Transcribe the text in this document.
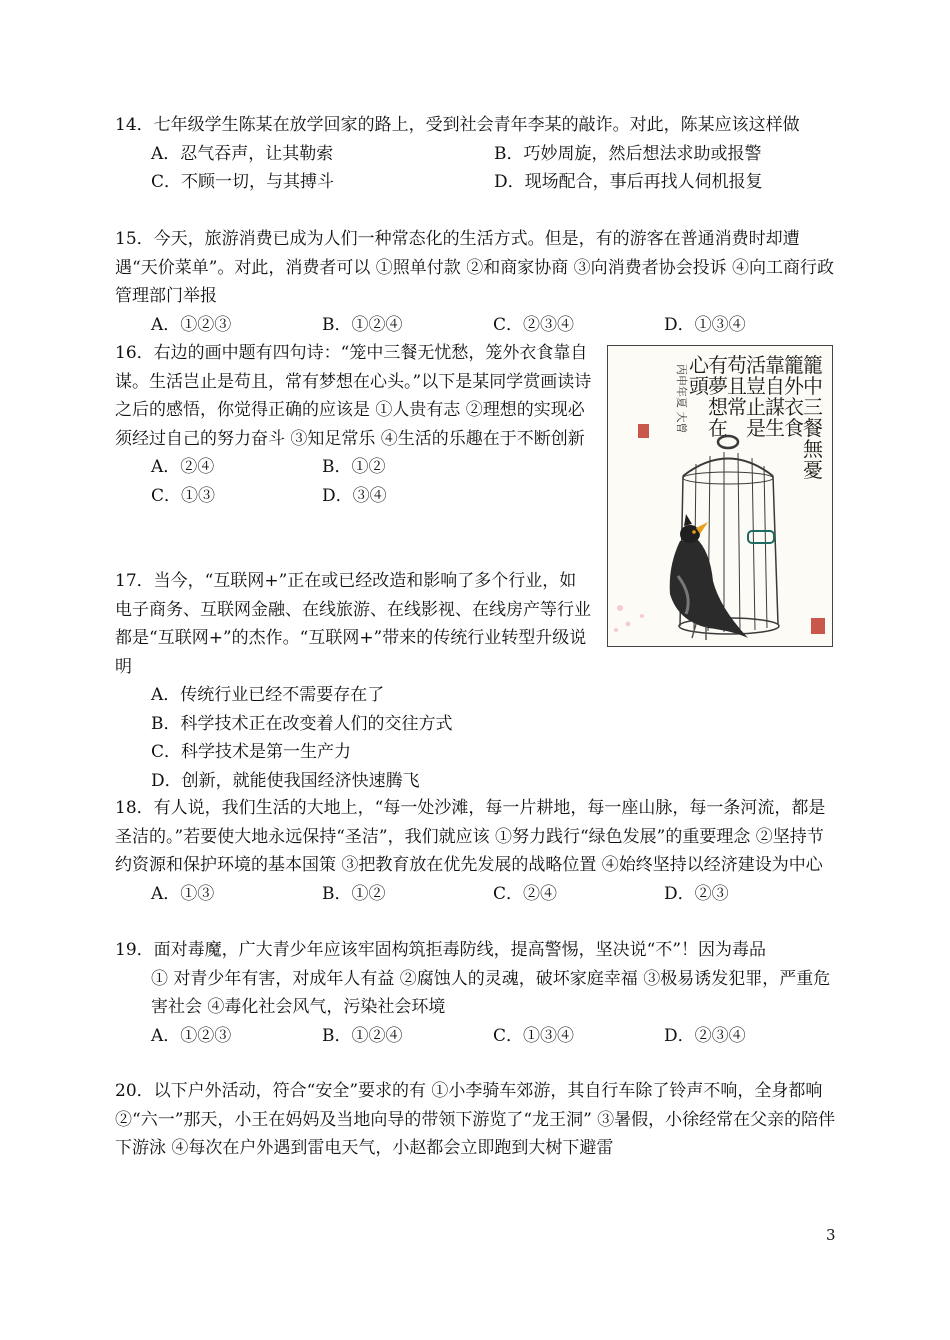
14．七年级学生陈某在放学回家的路上，受到社会青年李某的敲诈。对此，陈某应该这样做

A．忍气吞声，让其勒索	B．巧妙周旋，然后想法求助或报警
C．不顾一切，与其搏斗	D．现场配合，事后再找人伺机报复

15．今天，旅游消费已成为人们一种常态化的生活方式。但是，有的游客在普通消费时却遭遇“天价菜单”。对此，消费者可以 ①照单付款 ②和商家协商 ③向消费者协会投诉 ④向工商行政管理部门举报

A．①②③	B．①②④	C．②③④	D．①③④

16．右边的画中题有四句诗：“笼中三餐无忧愁，笼外衣食靠自谋。生活岂止是苟且，常有梦想在心头。”以下是某同学赏画读诗之后的感悟，你觉得正确的应该是 ①人贵有志 ②理想的实现必须经过自己的努力奋斗 ③知足常乐 ④生活的乐趣在于不断创新

A．②④	B．①②
C．①③	D．③④
籠
中
三
餐
無
憂
籠
外
衣
食
靠
自
謀
生
活
豈
止
是
苟
且
常
有
夢
想
在
心
頭
丙申年夏 大曾

17．当今，“互联网+”正在或已经改造和影响了多个行业，如电子商务、互联网金融、在线旅游、在线影视、在线房产等行业都是“互联网+”的杰作。“互联网+”带来的传统行业转型升级说明

A．传统行业已经不需要存在了
B．科学技术正在改变着人们的交往方式
C．科学技术是第一生产力
D．创新，就能使我国经济快速腾飞

18．有人说，我们生活的大地上，“每一处沙滩，每一片耕地，每一座山脉，每一条河流，都是圣洁的。”若要使大地永远保持“圣洁”，我们就应该 ①努力践行“绿色发展”的重要理念 ②坚持节约资源和保护环境的基本国策 ③把教育放在优先发展的战略位置 ④始终坚持以经济建设为中心

A．①③	B．①②	C．②④	D．②③

19．面对毒魔，广大青少年应该牢固构筑拒毒防线，提高警惕，坚决说“不”！因为毒品

① 对青少年有害，对成年人有益 ②腐蚀人的灵魂，破坏家庭幸福 ③极易诱发犯罪，严重危害社会 ④毒化社会风气，污染社会环境

A．①②③	B．①②④	C．①③④	D．②③④

20．以下户外活动，符合“安全”要求的有 ①小李骑车郊游，其自行车除了铃声不响，全身都响 ②“六一”那天，小王在妈妈及当地向导的带领下游览了“龙王洞” ③暑假，小徐经常在父亲的陪伴下游泳 ④每次在户外遇到雷电天气，小赵都会立即跑到大树下避雷

3
